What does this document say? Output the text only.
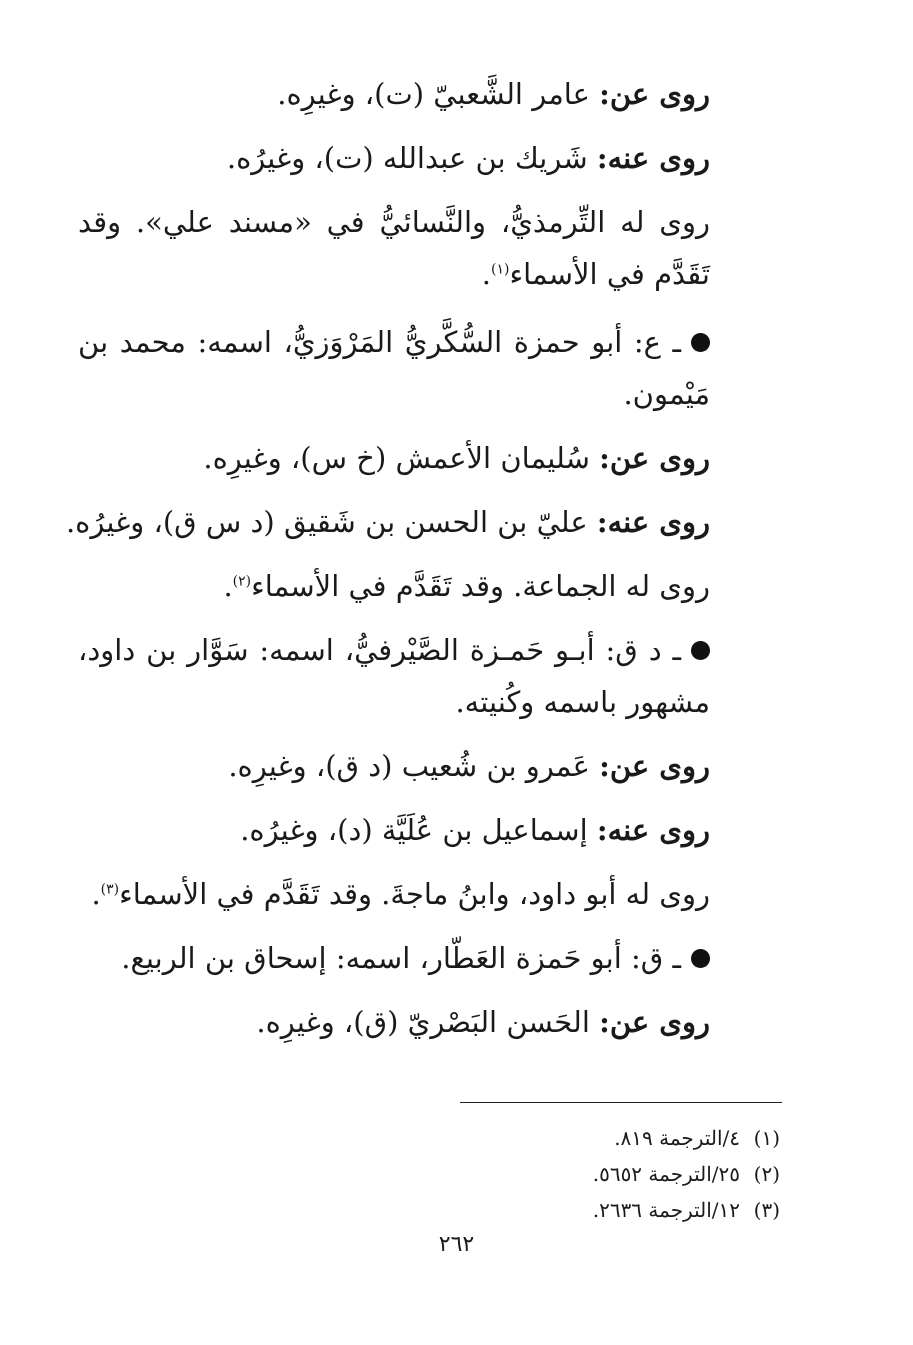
روى عن: عامر الشَّعبيّ (ت)، وغيرِه.
روى عنه: شَريك بن عبدالله (ت)، وغيرُه.
روى له التِّرمذيُّ، والنَّسائيُّ في «مسند علي». وقد تَقَدَّم في الأسماء$^{(١)}$.
ـ ع: أبو حمزة السُّكَّريُّ المَرْوَزيُّ، اسمه: محمد بن مَيْمون.
روى عن: سُليمان الأعمش (خ س)، وغيرِه.
روى عنه: عليّ بن الحسن بن شَقيق (د س ق)، وغيرُه.
روى له الجماعة. وقد تَقَدَّم في الأسماء$^{(٢)}$.
ـ د ق: أبـو حَمـزة الصَّيْرفيُّ، اسمه: سَوَّار بن داود، مشهور باسمه وكُنيته.
روى عن: عَمرو بن شُعيب (د ق)، وغيرِه.
روى عنه: إسماعيل بن عُلَيَّة (د)، وغيرُه.
روى له أبو داود، وابنُ ماجةَ. وقد تَقَدَّم في الأسماء$^{(٣)}$.
ـ ق: أبو حَمزة العَطّار، اسمه: إسحاق بن الربيع.
روى عن: الحَسن البَصْريّ (ق)، وغيرِه.
(١)٤/الترجمة ٨١٩.
(٢)٢٥/الترجمة ٥٦٥٢.
(٣)١٢/الترجمة ٢٦٣٦.
٢٦٢
